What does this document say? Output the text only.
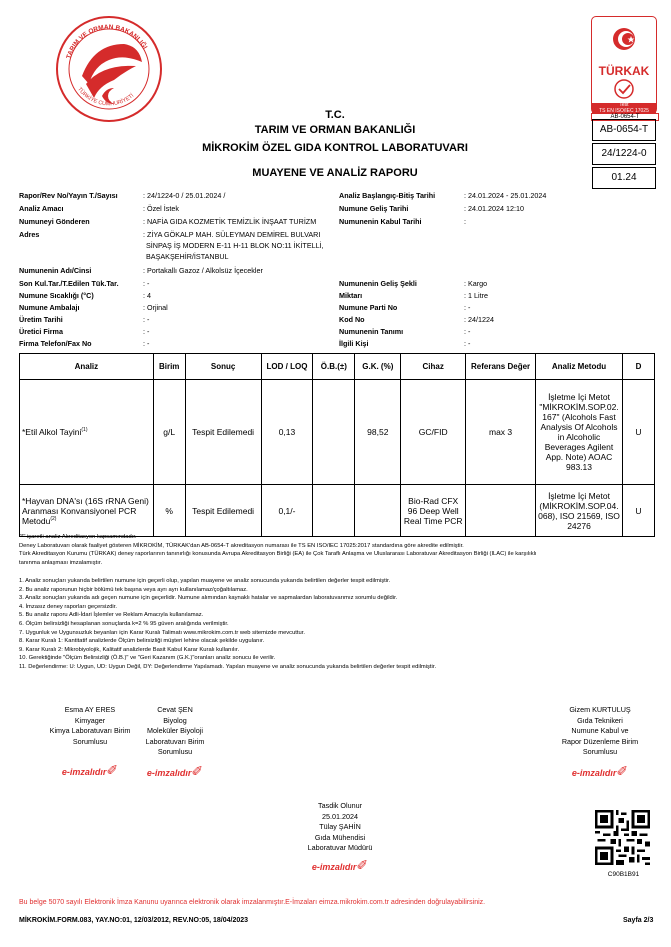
TARIM VE ORMAN BAKANLIĞI
TÜRKİYE CUMHURİYETİ
TÜRKAK
Test
TS EN ISO/IEC 17025
AB-0654-T
AB-0654-T
24/1224-0
01.24
T.C.
TARIM VE ORMAN BAKANLIĞI
MİKROKİM ÖZEL GIDA KONTROL LABORATUVARI
MUAYENE VE ANALİZ RAPORU
Rapor/Rev No/Yayın T./Sayısı	: 24/1224-0 / 25.01.2024 /
Analiz Amacı	: Özel İstek
Numuneyi Gönderen	: NAFİA GIDA KOZMETİK TEMİZLİK İNŞAAT TURİZM
Adres	: ZİYA GÖKALP MAH. SÜLEYMAN DEMİREL BULVARI
SİNPAŞ İŞ MODERN E-11 H-11 BLOK NO:11 İKİTELLİ,
BAŞAKŞEHİR/İSTANBUL
Numunenin Adı/Cinsi	: Portakallı Gazoz / Alkolsüz İçecekler
Son Kul.Tar./T.Edilen Tük.Tar.	: -
Numune Sıcaklığı (°C)	: 4
Numune Ambalajı	: Orjinal
Üretim Tarihi	: -
Üretici Firma	: -
Firma Telefon/Fax No	: -
Analiz Başlangıç-Bitiş Tarihi	: 24.01.2024 - 25.01.2024
Numune Geliş Tarihi	: 24.01.2024 12:10
Numunenin Kabul Tarihi	:
Numunenin Geliş Şekli	: Kargo
Miktarı	: 1 Litre
Numune Parti No	: -
Kod No	: 24/1224
Numunenin Tanımı	: -
İlgili Kişi	: -
Analiz	Birim	Sonuç	LOD / LOQ	Ö.B.(±)	G.K. (%)	Cihaz	Referans Değer	Analiz Metodu	D
*Etil Alkol Tayini$^{(1)}$	g/L	Tespit Edilemedi	0,13		98,52	GC/FID	max 3	İşletme İçi Metot "MİKROKİM.SOP.02. 167" (Alcohols Fast Analysis Of Alcohols in Alcoholic Beverages Agilent App. Note) AOAC 983.13	U
*Hayvan DNA'sı (16S rRNA Geni) Aranması Konvansiyonel PCR Metodu$^{(2)}$	%	Tespit Edilemedi	0,1/-			Bio-Rad CFX 96 Deep Well Real Time PCR		İşletme İçi Metot (MİKROKİM.SOP.04. 068), ISO 21569, ISO 24276	U
"*" işaretli analiz Akreditasyon kapsamındadır.
Deney Laboratuvarı olarak faaliyet gösteren MİKROKİM, TÜRKAK'dan AB-0654-T akreditasyon numarası ile TS EN ISO/IEC 17025:2017 standardına göre akredite edilmiştir.
Türk Akreditasyon Kurumu (TÜRKAK) deney raporlarının tanınırlığı konusunda Avrupa Akreditasyon Birliği (EA) ile Çok Taraflı Anlaşma ve Uluslararası Laboratuvar Akreditasyon Birliği (ILAC) ile karşılıklı
tanınma anlaşması imzalamıştır.
1. Analiz sonuçları yukarıda belirtilen numune için geçerli olup, yapılan muayene ve analiz sonucunda yukarıda belirtilen değerler tespit edilmiştir.
2. Bu analiz raporunun hiçbir bölümü tek başına veya ayrı ayrı kullanılamaz/çoğaltılamaz.
3. Analiz sonuçları yukarıda adı geçen numune için geçerlidir. Numune alımından kaynaklı hatalar ve sapmalardan laboratuvarımız sorumlu değildir.
4. İmzasız deney raporları geçersizdir.
5. Bu analiz raporu Adli-İdari İşlemler ve Reklam Amacıyla kullanılamaz.
6. Ölçüm belirsizliği hesaplanan sonuçlarda k=2 % 95 güven aralığında verilmiştir.
7. Uygunluk ve Uygunsuzluk beyanları için Karar Kuralı Talimatı www.mikrokim.com.tr web sitemizde mevcuttur.
8. Karar Kuralı 1: Kantitatif analizlerde Ölçüm belirsizliği müşteri lehine olacak şekilde uygulanır.
9. Karar Kuralı 2: Mikrobiyolojik, Kalitatif analizlerde Basit Kabul Karar Kuralı kullanılır.
10. Gerektiğinde "Ölçüm Belirsizliği (Ö.B.)" ve "Geri Kazanım (G.K.)"oranları analiz sonucu ile verilir.
11. Değerlendirme: U: Uygun, UD: Uygun Değil, DY: Değerlendirme Yapılamadı. Yapılan muayene ve analiz sonucunda yukarıda belirtilen değerler tespit edilmiştir.
Esma AY ERES
Kimyager
Kimya Laboratuvarı Birim
Sorumlusu
e-imzalıdır✐
Cevat ŞEN
Biyolog
Moleküler Biyoloji
Laboratuvarı Birim
Sorumlusu
e-imzalıdır✐
Gizem KURTULUŞ
Gıda Teknikeri
Numune Kabul ve
Rapor Düzenleme Birim
Sorumlusu
e-imzalıdır✐
Tasdik Olunur
25.01.2024
Tülay ŞAHİN
Gıda Mühendisi
Laboratuvar Müdürü
e-imzalıdır✐
C90B1B91
Bu belge 5070 sayılı Elektronik İmza Kanunu uyarınca elektronik olarak imzalanmıştır.E-İmzaları eimza.mikrokim.com.tr adresinden doğrulayabilirsiniz.
MİKROKİM.FORM.083, YAY.NO:01, 12/03/2012, REV.NO:05, 18/04/2023	Sayfa 2/3
